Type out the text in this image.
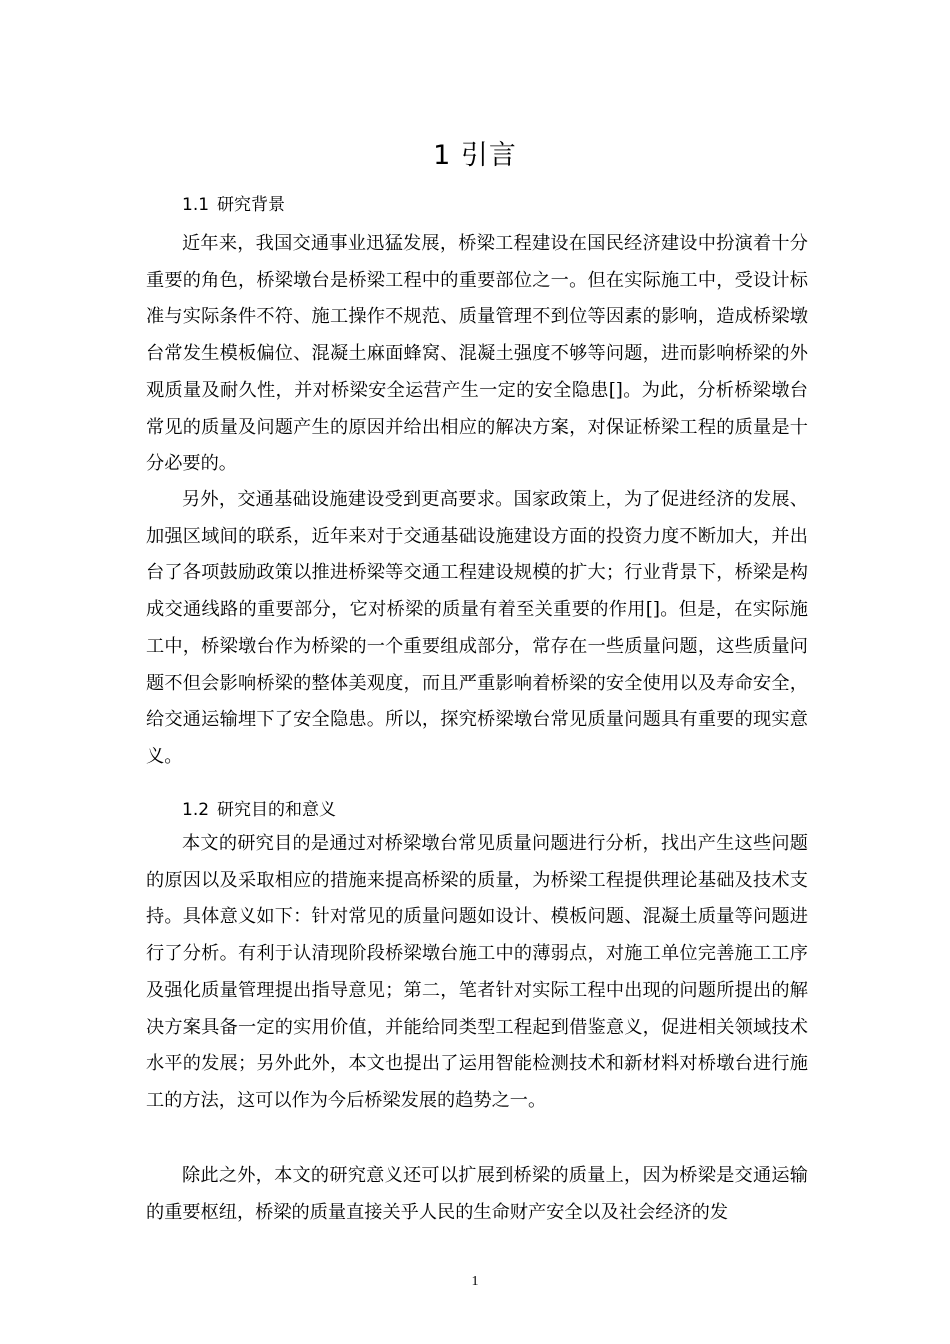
1 引言
1.1 研究背景

近年来，我国交通事业迅猛发展，桥梁工程建设在国民经济建设中扮演着十分重要的角色，桥梁墩台是桥梁工程中的重要部位之一。但在实际施工中，受设计标准与实际条件不符、施工操作不规范、质量管理不到位等因素的影响，造成桥梁墩台常发生模板偏位、混凝土麻面蜂窝、混凝土强度不够等问题，进而影响桥梁的外观质量及耐久性，并对桥梁安全运营产生一定的安全隐患[]。为此，分析桥梁墩台常见的质量及问题产生的原因并给出相应的解决方案，对保证桥梁工程的质量是十分必要的。

另外，交通基础设施建设受到更高要求。国家政策上，为了促进经济的发展、加强区域间的联系，近年来对于交通基础设施建设方面的投资力度不断加大，并出台了各项鼓励政策以推进桥梁等交通工程建设规模的扩大；行业背景下，桥梁是构成交通线路的重要部分，它对桥梁的质量有着至关重要的作用[]。但是，在实际施工中，桥梁墩台作为桥梁的一个重要组成部分，常存在一些质量问题，这些质量问题不但会影响桥梁的整体美观度，而且严重影响着桥梁的安全使用以及寿命安全，给交通运输埋下了安全隐患。所以，探究桥梁墩台常见质量问题具有重要的现实意义。

1.2 研究目的和意义

本文的研究目的是通过对桥梁墩台常见质量问题进行分析，找出产生这些问题的原因以及采取相应的措施来提高桥梁的质量，为桥梁工程提供理论基础及技术支持。具体意义如下：针对常见的质量问题如设计、模板问题、混凝土质量等问题进行了分析。有利于认清现阶段桥梁墩台施工中的薄弱点，对施工单位完善施工工序及强化质量管理提出指导意见；第二，笔者针对实际工程中出现的问题所提出的解决方案具备一定的实用价值，并能给同类型工程起到借鉴意义，促进相关领域技术水平的发展；另外此外，本文也提出了运用智能检测技术和新材料对桥墩台进行施工的方法，这可以作为今后桥梁发展的趋势之一。

除此之外，本文的研究意义还可以扩展到桥梁的质量上，因为桥梁是交通运输的重要枢纽，桥梁的质量直接关乎人民的生命财产安全以及社会经济的发

1
